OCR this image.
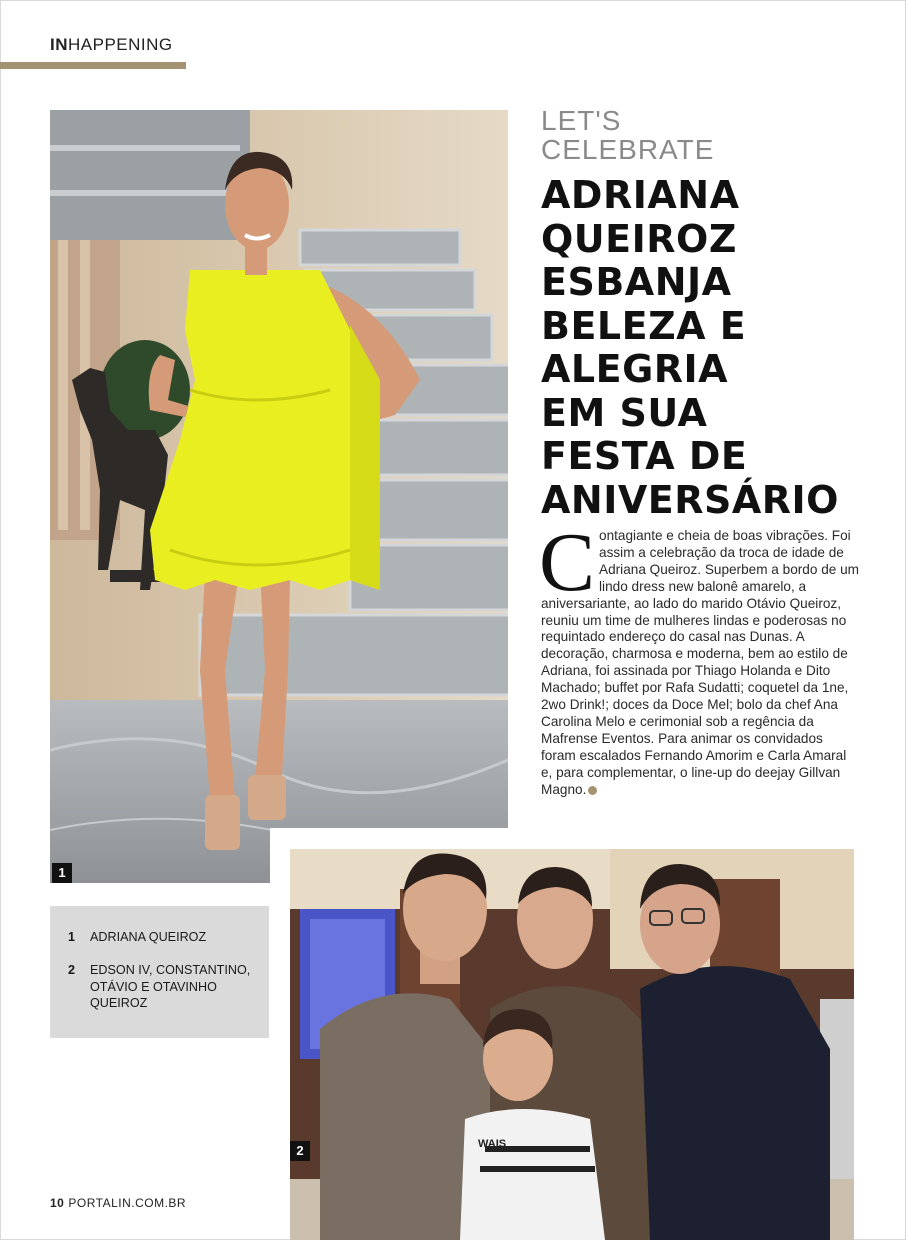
INHAPPENING
1
LET'S
CELEBRATE
ADRIANA
QUEIROZ
ESBANJA
BELEZA E
ALEGRIA
EM SUA
FESTA DE
ANIVERSÁRIO
C ontagiante e cheia de boas vibrações. Foi assim a celebração da troca de idade de Adriana Queiroz. Superbem a bordo de um lindo dress new balonê amarelo, a aniversariante, ao lado do marido Otávio Queiroz, reuniu um time de mulheres lindas e poderosas no requintado endereço do casal nas Dunas. A decoração, charmosa e moderna, bem ao estilo de Adriana, foi assinada por Thiago Holanda e Dito Machado; buffet por Rafa Sudatti; coquetel da 1ne, 2wo Drink!; doces da Doce Mel; bolo da chef Ana Carolina Melo e cerimonial sob a regência da Mafrense Eventos. Para animar os convidados foram escalados Fernando Amorim e Carla Amaral e, para complementar, o line-up do deejay Gillvan Magno.
1 ADRIANA QUEIROZ
2 EDSON IV, CONSTANTINO, OTÁVIO E OTAVINHO QUEIROZ
WAIS
2
10 PORTALIN.COM.BR
